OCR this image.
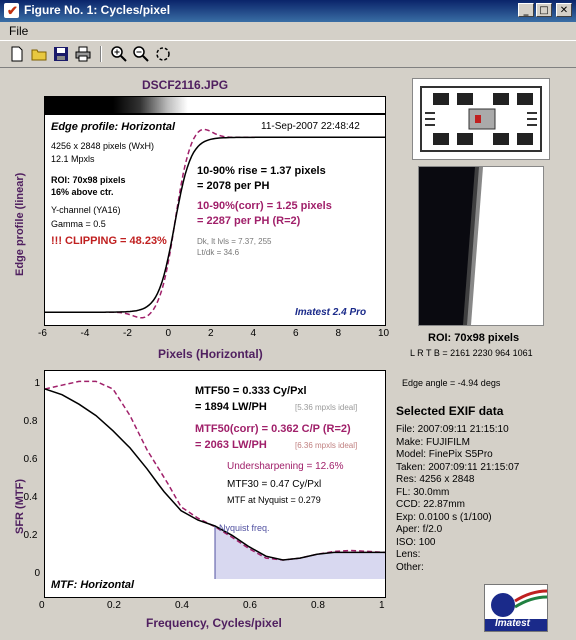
✔ Figure No. 1: Cycles/pixel	_	□	✕
File
DSCF2116.JPG
Edge profile: Horizontal	11-Sep-2007 22:48:42
4256 x 2848 pixels (WxH)
12.1 Mpxls
ROI: 70x98 pixels
16% above ctr.
Y-channel (YA16)
Gamma = 0.5
!!! CLIPPING = 48.23%
10-90% rise = 1.37 pixels
= 2078 per PH
10-90%(corr) = 1.25 pixels
= 2287 per PH (R=2)
Dk, lt lvls = 7.37, 255
Lt/dk = 34.6
Imatest 2.4 Pro
Edge profile (linear)
-6	-4	-2	0	2	4	6	8	10
Pixels (Horizontal)
ROI: 70x98 pixels
L R T B = 2161 2230 964 1061
MTF50 = 0.333 Cy/Pxl
= 1894 LW/PH	[5.36 mpxls ideal]
MTF50(corr) = 0.362 C/P (R=2)
= 2063 LW/PH	[6.36 mpxls ideal]
Undersharpening = 12.6%
MTF30 = 0.47 Cy/Pxl
MTF at Nyquist = 0.279
Nyquist freq.
MTF: Horizontal
SFR (MTF)
0	0.2	0.4	0.6	0.8	1
1
0.8
0.6
0.4
0.2
0
Frequency, Cycles/pixel
Edge angle = -4.94 degs
Selected EXIF data
File: 2007:09:11 21:15:10
Make: FUJIFILM
Model: FinePix S5Pro
Taken: 2007:09:11 21:15:07
Res: 4256 x 2848
FL: 30.0mm
CCD: 22.87mm
Exp: 0.0100 s (1/100)
Aper: f/2.0
ISO: 100
Lens:
Other:
Imatest
